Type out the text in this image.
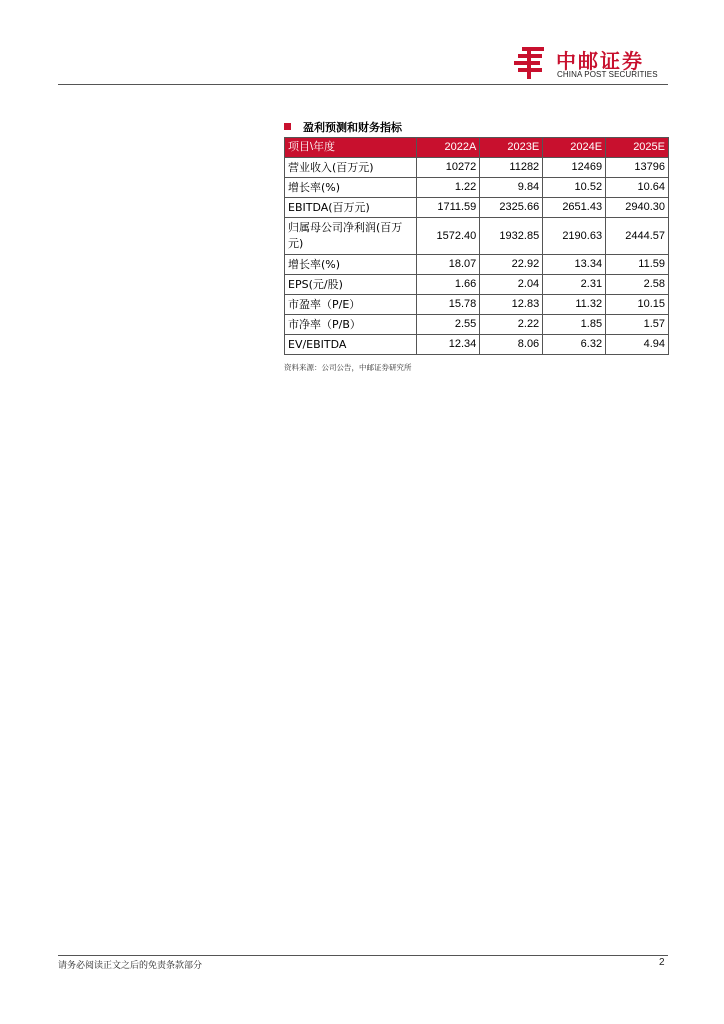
中邮证券
CHINA POST SECURITIES
盈利预测和财务指标
项目\年度	2022A	2023E	2024E	2025E
营业收入(百万元)	10272	11282	12469	13796
增长率(%)	1.22	9.84	10.52	10.64
EBITDA(百万元)	1711.59	2325.66	2651.43	2940.30
归属母公司净利润(百万元)	1572.40	1932.85	2190.63	2444.57
增长率(%)	18.07	22.92	13.34	11.59
EPS(元/股)	1.66	2.04	2.31	2.58
市盈率（P/E）	15.78	12.83	11.32	10.15
市净率（P/B）	2.55	2.22	1.85	1.57
EV/EBITDA	12.34	8.06	6.32	4.94
资料来源：公司公告，中邮证券研究所
请务必阅读正文之后的免责条款部分	2
